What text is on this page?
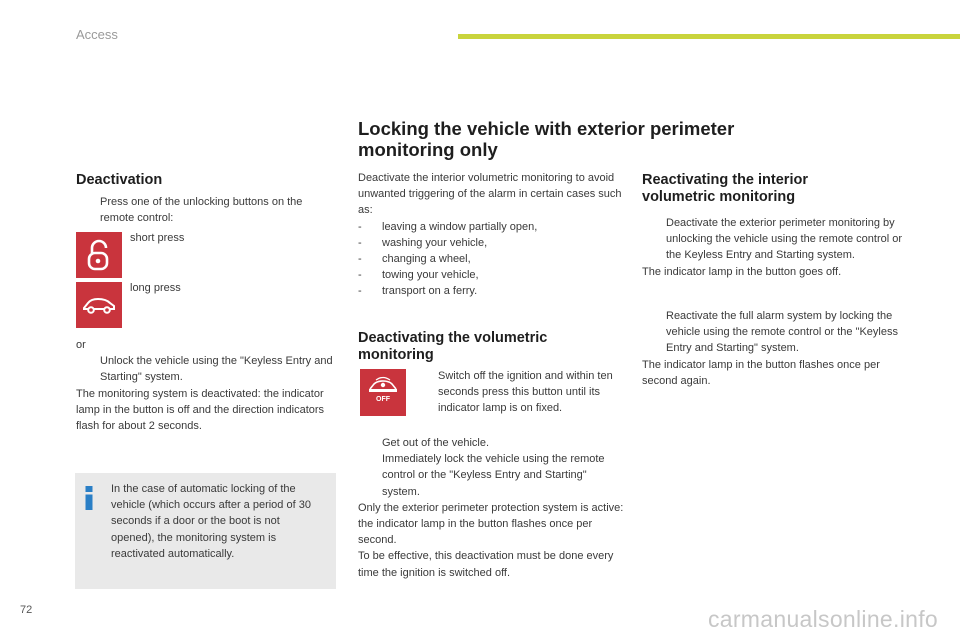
Access
Locking the vehicle with exterior perimeter monitoring only
Deactivation
Press one of the unlocking buttons on the remote control:
short press
long press
or
Unlock the vehicle using the "Keyless Entry and Starting" system.
The monitoring system is deactivated: the indicator lamp in the button is off and the direction indicators flash for about 2 seconds.
In the case of automatic locking of the vehicle (which occurs after a period of 30 seconds if a door or the boot is not opened), the monitoring system is reactivated automatically.
Deactivate the interior volumetric monitoring to avoid unwanted triggering of the alarm in certain cases such as:
- leaving a window partially open,
- washing your vehicle,
- changing a wheel,
- towing your vehicle,
- transport on a ferry.
Deactivating the volumetric monitoring
OFF
Switch off the ignition and within ten seconds press this button until its indicator lamp is on fixed.
Get out of the vehicle.
Immediately lock the vehicle using the remote control or the "Keyless Entry and Starting" system.
Only the exterior perimeter protection system is active: the indicator lamp in the button flashes once per second.
To be effective, this deactivation must be done every time the ignition is switched off.
Reactivating the interior volumetric monitoring
Deactivate the exterior perimeter monitoring by unlocking the vehicle using the remote control or the Keyless Entry and Starting system.
The indicator lamp in the button goes off.
Reactivate the full alarm system by locking the vehicle using the remote control or the "Keyless Entry and Starting" system.
The indicator lamp in the button flashes once per second again.
72	carmanualsonline.info
